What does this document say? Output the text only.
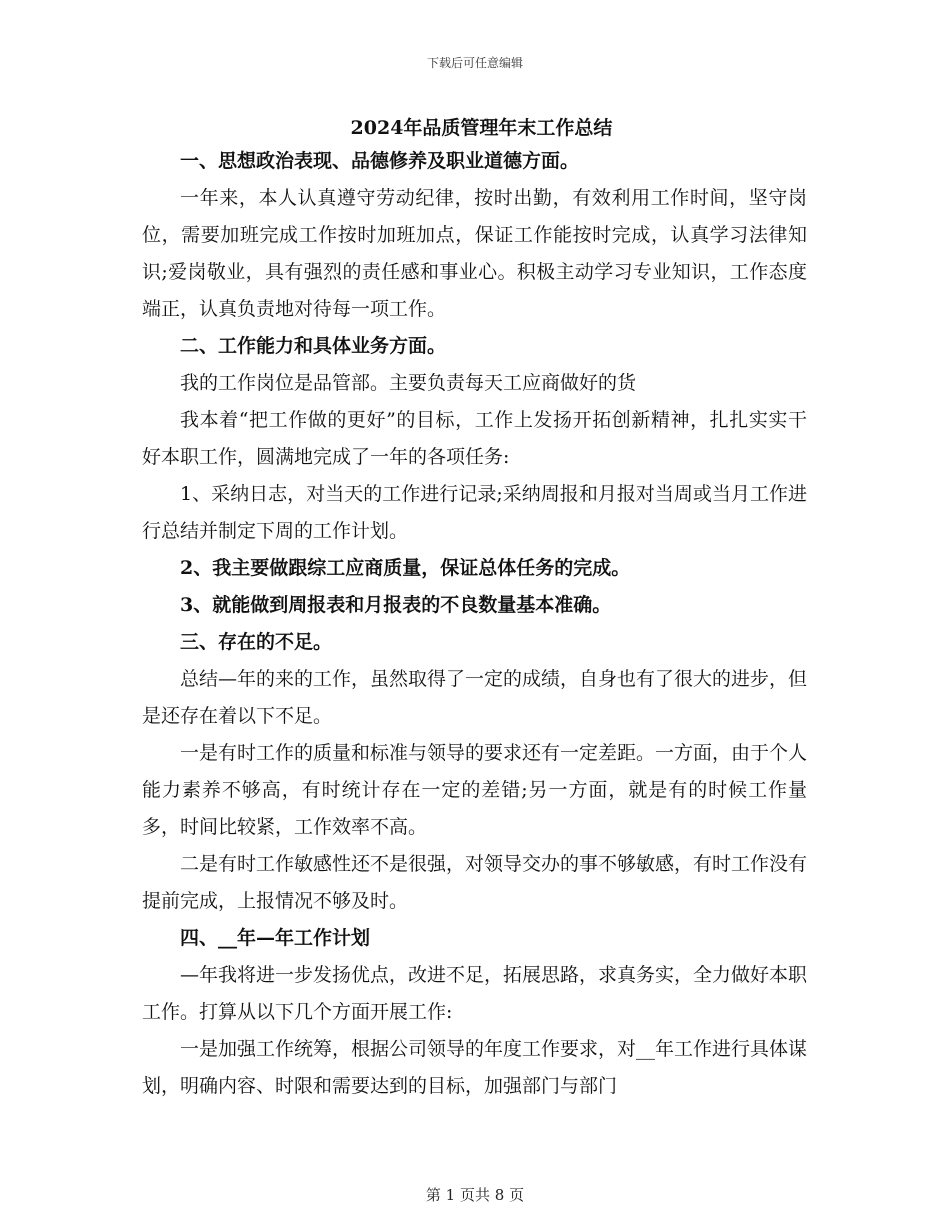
下载后可任意编辑
2024年品质管理年末工作总结

一、思想政治表现、品德修养及职业道德方面。

一年来，本人认真遵守劳动纪律，按时出勤，有效利用工作时间，坚守岗位，需要加班完成工作按时加班加点，保证工作能按时完成，认真学习法律知识;爱岗敬业，具有强烈的责任感和事业心。积极主动学习专业知识，工作态度端正，认真负责地对待每一项工作。

二、工作能力和具体业务方面。

我的工作岗位是品管部。主要负责每天工应商做好的货

我本着“把工作做的更好”的目标，工作上发扬开拓创新精神，扎扎实实干好本职工作，圆满地完成了一年的各项任务:

1、采纳日志，对当天的工作进行记录;采纳周报和月报对当周或当月工作进行总结并制定下周的工作计划。

2、我主要做跟综工应商质量，保证总体任务的完成。

3、就能做到周报表和月报表的不良数量基本准确。

三、存在的不足。

总结—年的来的工作，虽然取得了一定的成绩，自身也有了很大的进步，但是还存在着以下不足。

一是有时工作的质量和标准与领导的要求还有一定差距。一方面，由于个人能力素养不够高，有时统计存在一定的差错;另一方面，就是有的时候工作量多，时间比较紧，工作效率不高。

二是有时工作敏感性还不是很强，对领导交办的事不够敏感，有时工作没有提前完成，上报情况不够及时。

四、__年—年工作计划

—年我将进一步发扬优点，改进不足，拓展思路，求真务实，全力做好本职工作。打算从以下几个方面开展工作:

一是加强工作统筹，根据公司领导的年度工作要求，对__年工作进行具体谋划，明确内容、时限和需要达到的目标，加强部门与部门

第 1 页共 8 页
